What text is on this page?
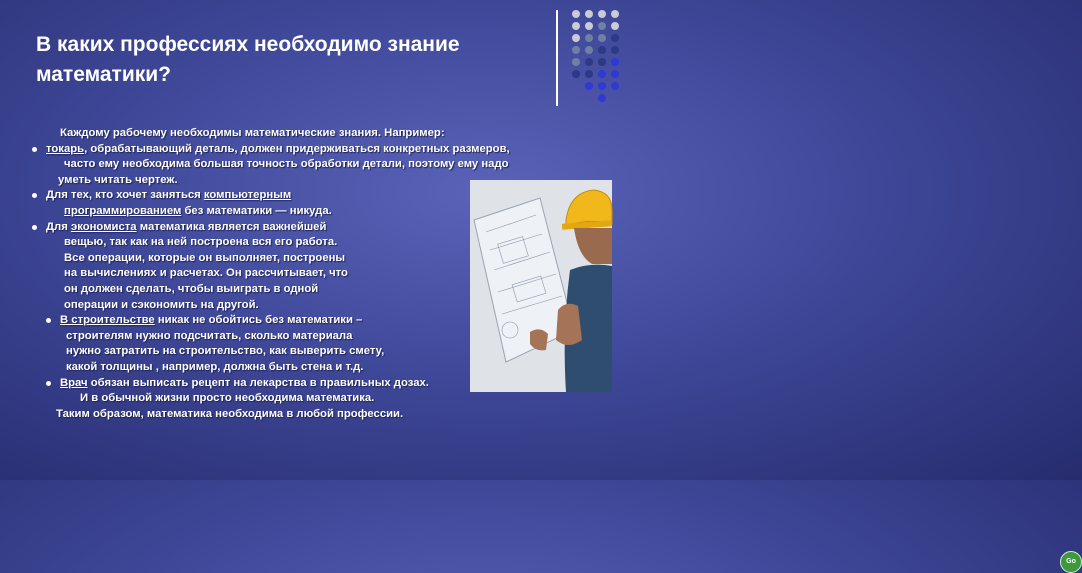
В каких профессиях необходимо знание математики?
Каждому рабочему необходимы математические знания. Например:
токарь, обрабатывающий деталь, должен придерживаться конкретных размеров,
часто ему необходима большая точность обработки детали, поэтому ему надо
уметь читать чертеж.
Для тех, кто хочет заняться компьютерным
программированием без математики — никуда.
Для экономиста математика является важнейшей
вещью, так как на ней построена вся его работа.
Все операции, которые он выполняет, построены
на вычислениях и расчетах. Он рассчитывает, что
он должен сделать, чтобы выиграть в одной
операции и сэкономить на другой.
В строительстве никак не обойтись без математики –
строителям нужно подсчитать, сколько материала
нужно затратить на строительство, как выверить смету,
какой толщины , например, должна быть стена и т.д.
Врач обязан выписать рецепт на лекарства в правильных дозах.
И в обычной жизни просто необходима математика.
Таким образом, математика необходима в любой профессии.
Go
